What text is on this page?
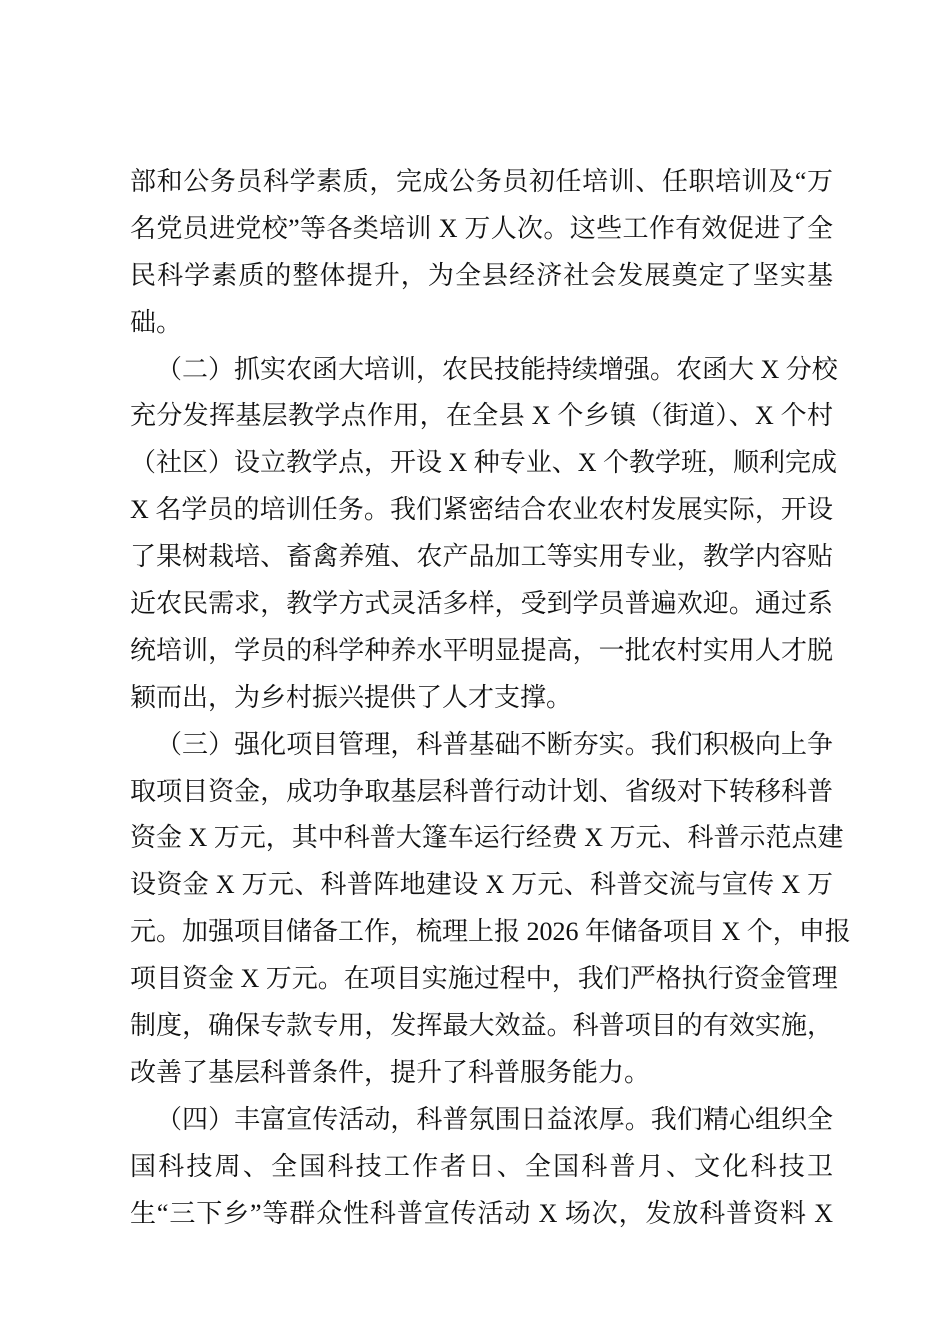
部和公务员科学素质，完成公务员初任培训、任职培训及“万
名党员进党校”等各类培训 X 万人次。这些工作有效促进了全
民科学素质的整体提升，为全县经济社会发展奠定了坚实基
础。
（二）抓实农函大培训，农民技能持续增强。农函大 X 分校
充分发挥基层教学点作用，在全县 X 个乡镇（街道）、X 个村
（社区）设立教学点，开设 X 种专业、X 个教学班，顺利完成
X 名学员的培训任务。我们紧密结合农业农村发展实际，开设
了果树栽培、畜禽养殖、农产品加工等实用专业，教学内容贴
近农民需求，教学方式灵活多样，受到学员普遍欢迎。通过系
统培训，学员的科学种养水平明显提高，一批农村实用人才脱
颖而出，为乡村振兴提供了人才支撑。
（三）强化项目管理，科普基础不断夯实。我们积极向上争
取项目资金，成功争取基层科普行动计划、省级对下转移科普
资金 X 万元，其中科普大篷车运行经费 X 万元、科普示范点建
设资金 X 万元、科普阵地建设 X 万元、科普交流与宣传 X 万
元。加强项目储备工作，梳理上报 2026 年储备项目 X 个，申报
项目资金 X 万元。在项目实施过程中，我们严格执行资金管理
制度，确保专款专用，发挥最大效益。科普项目的有效实施，
改善了基层科普条件，提升了科普服务能力。
（四）丰富宣传活动，科普氛围日益浓厚。我们精心组织全
国科技周、全国科技工作者日、全国科普月、文化科技卫
生“三下乡”等群众性科普宣传活动 X 场次，发放科普资料 X
